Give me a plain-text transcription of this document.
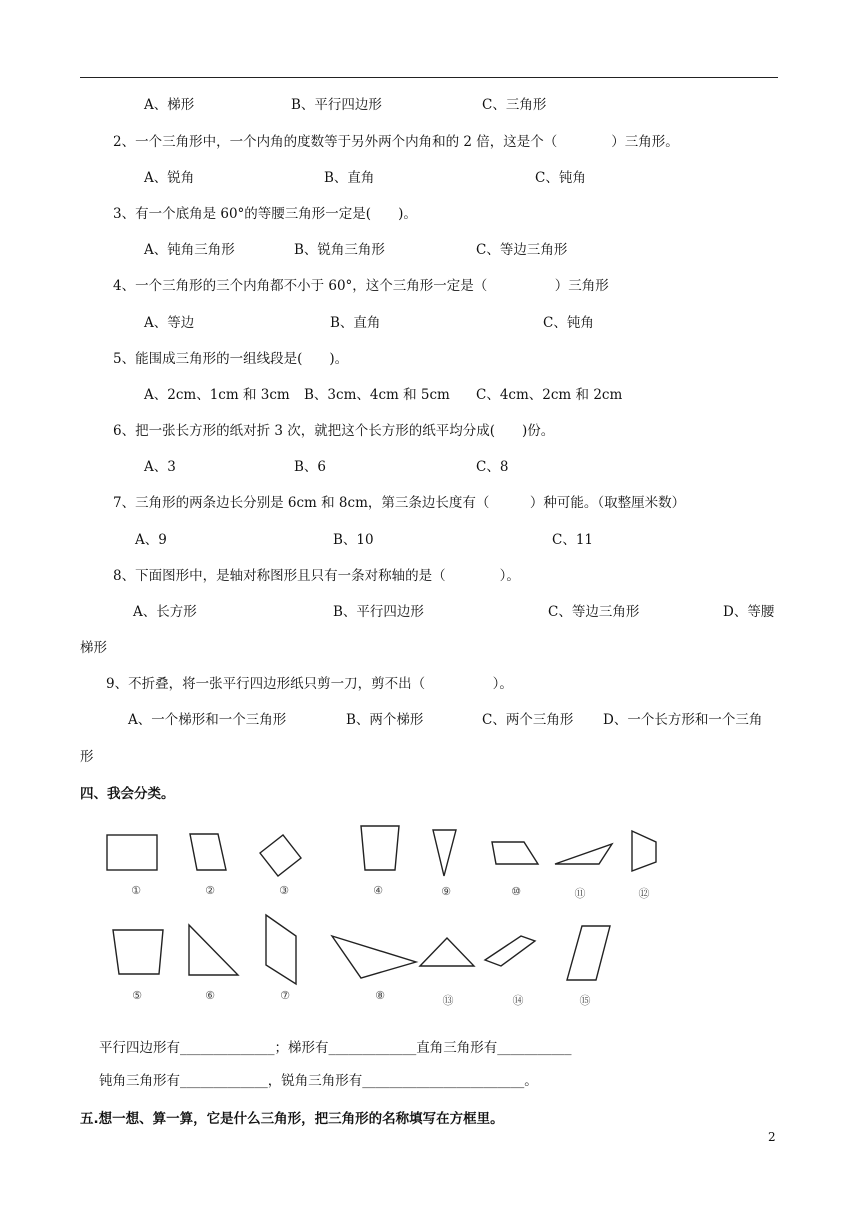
A、梯形	B、平行四边形	C、三角形
2、一个三角形中，一个内角的度数等于另外两个内角和的 2 倍，这是个（　　　　）三角形。
A、锐角	B、直角	C、钝角
3、有一个底角是 60°的等腰三角形一定是(　　)。
A、钝角三角形	B、锐角三角形	C、等边三角形
4、一个三角形的三个内角都不小于 60°，这个三角形一定是（　　　　　）三角形
A、等边	B、直角	C、钝角
5、能围成三角形的一组线段是(　　)。
A、2cm、1cm 和 3cm B、3cm、4cm 和 5cm C、4cm、2cm 和 2cm
6、把一张长方形的纸对折 3 次，就把这个长方形的纸平均分成(　　)份。
A、3	B、6	C、8
7、三角形的两条边长分别是 6cm 和 8cm，第三条边长度有（　　　）种可能。（取整厘米数）
A、9	B、10	C、11
8、下面图形中，是轴对称图形且只有一条对称轴的是（　　　　）。
A、长方形	B、平行四边形	C、等边三角形	D、等腰
梯形
9、不折叠，将一张平行四边形纸只剪一刀，剪不出（　　　　　）。
A、一个梯形和一个三角形	B、两个梯形	C、两个三角形 D、一个长方形和一个三角
形
四、我会分类。
①	②	③	④	⑨	⑩	⑪	⑫
⑤	⑥	⑦	⑧	⑬	⑭	⑮
平行四边形有______________；梯形有_____________直角三角形有___________
钝角三角形有_____________，锐角三角形有________________________。
五.想一想、算一算，它是什么三角形，把三角形的名称填写在方框里。
2
